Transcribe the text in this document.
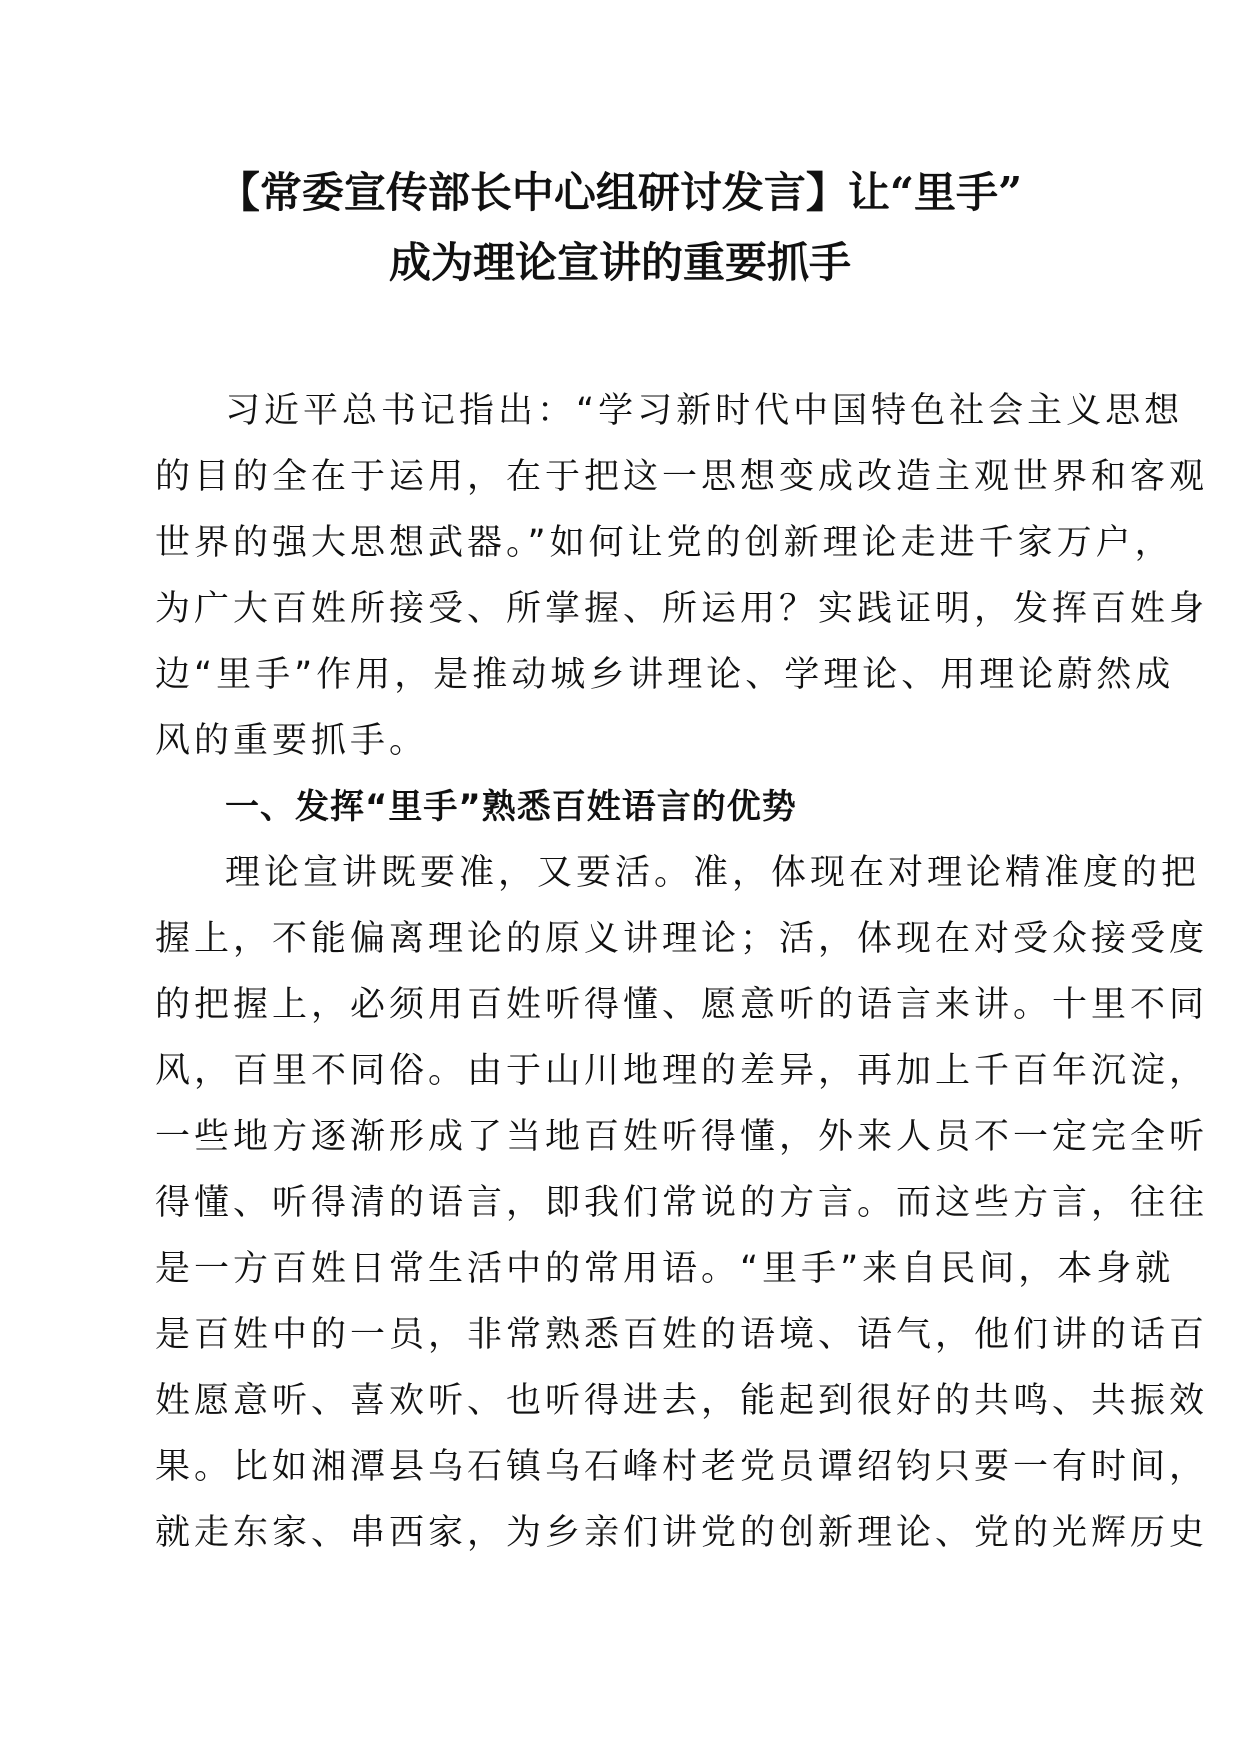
【常委宣传部长中心组研讨发言】让“里手”
成为理论宣讲的重要抓手
习近平总书记指出：“学习新时代中国特色社会主义思想
的目的全在于运用，在于把这一思想变成改造主观世界和客观
世界的强大思想武器。”如何让党的创新理论走进千家万户，
为广大百姓所接受、所掌握、所运用？实践证明，发挥百姓身
边“里手”作用，是推动城乡讲理论、学理论、用理论蔚然成
风的重要抓手。
一、发挥“里手”熟悉百姓语言的优势
理论宣讲既要准，又要活。准，体现在对理论精准度的把
握上，不能偏离理论的原义讲理论；活，体现在对受众接受度
的把握上，必须用百姓听得懂、愿意听的语言来讲。十里不同
风，百里不同俗。由于山川地理的差异，再加上千百年沉淀，
一些地方逐渐形成了当地百姓听得懂，外来人员不一定完全听
得懂、听得清的语言，即我们常说的方言。而这些方言，往往
是一方百姓日常生活中的常用语。“里手”来自民间，本身就
是百姓中的一员，非常熟悉百姓的语境、语气，他们讲的话百
姓愿意听、喜欢听、也听得进去，能起到很好的共鸣、共振效
果。比如湘潭县乌石镇乌石峰村老党员谭绍钧只要一有时间，
就走东家、串西家，为乡亲们讲党的创新理论、党的光辉历史
